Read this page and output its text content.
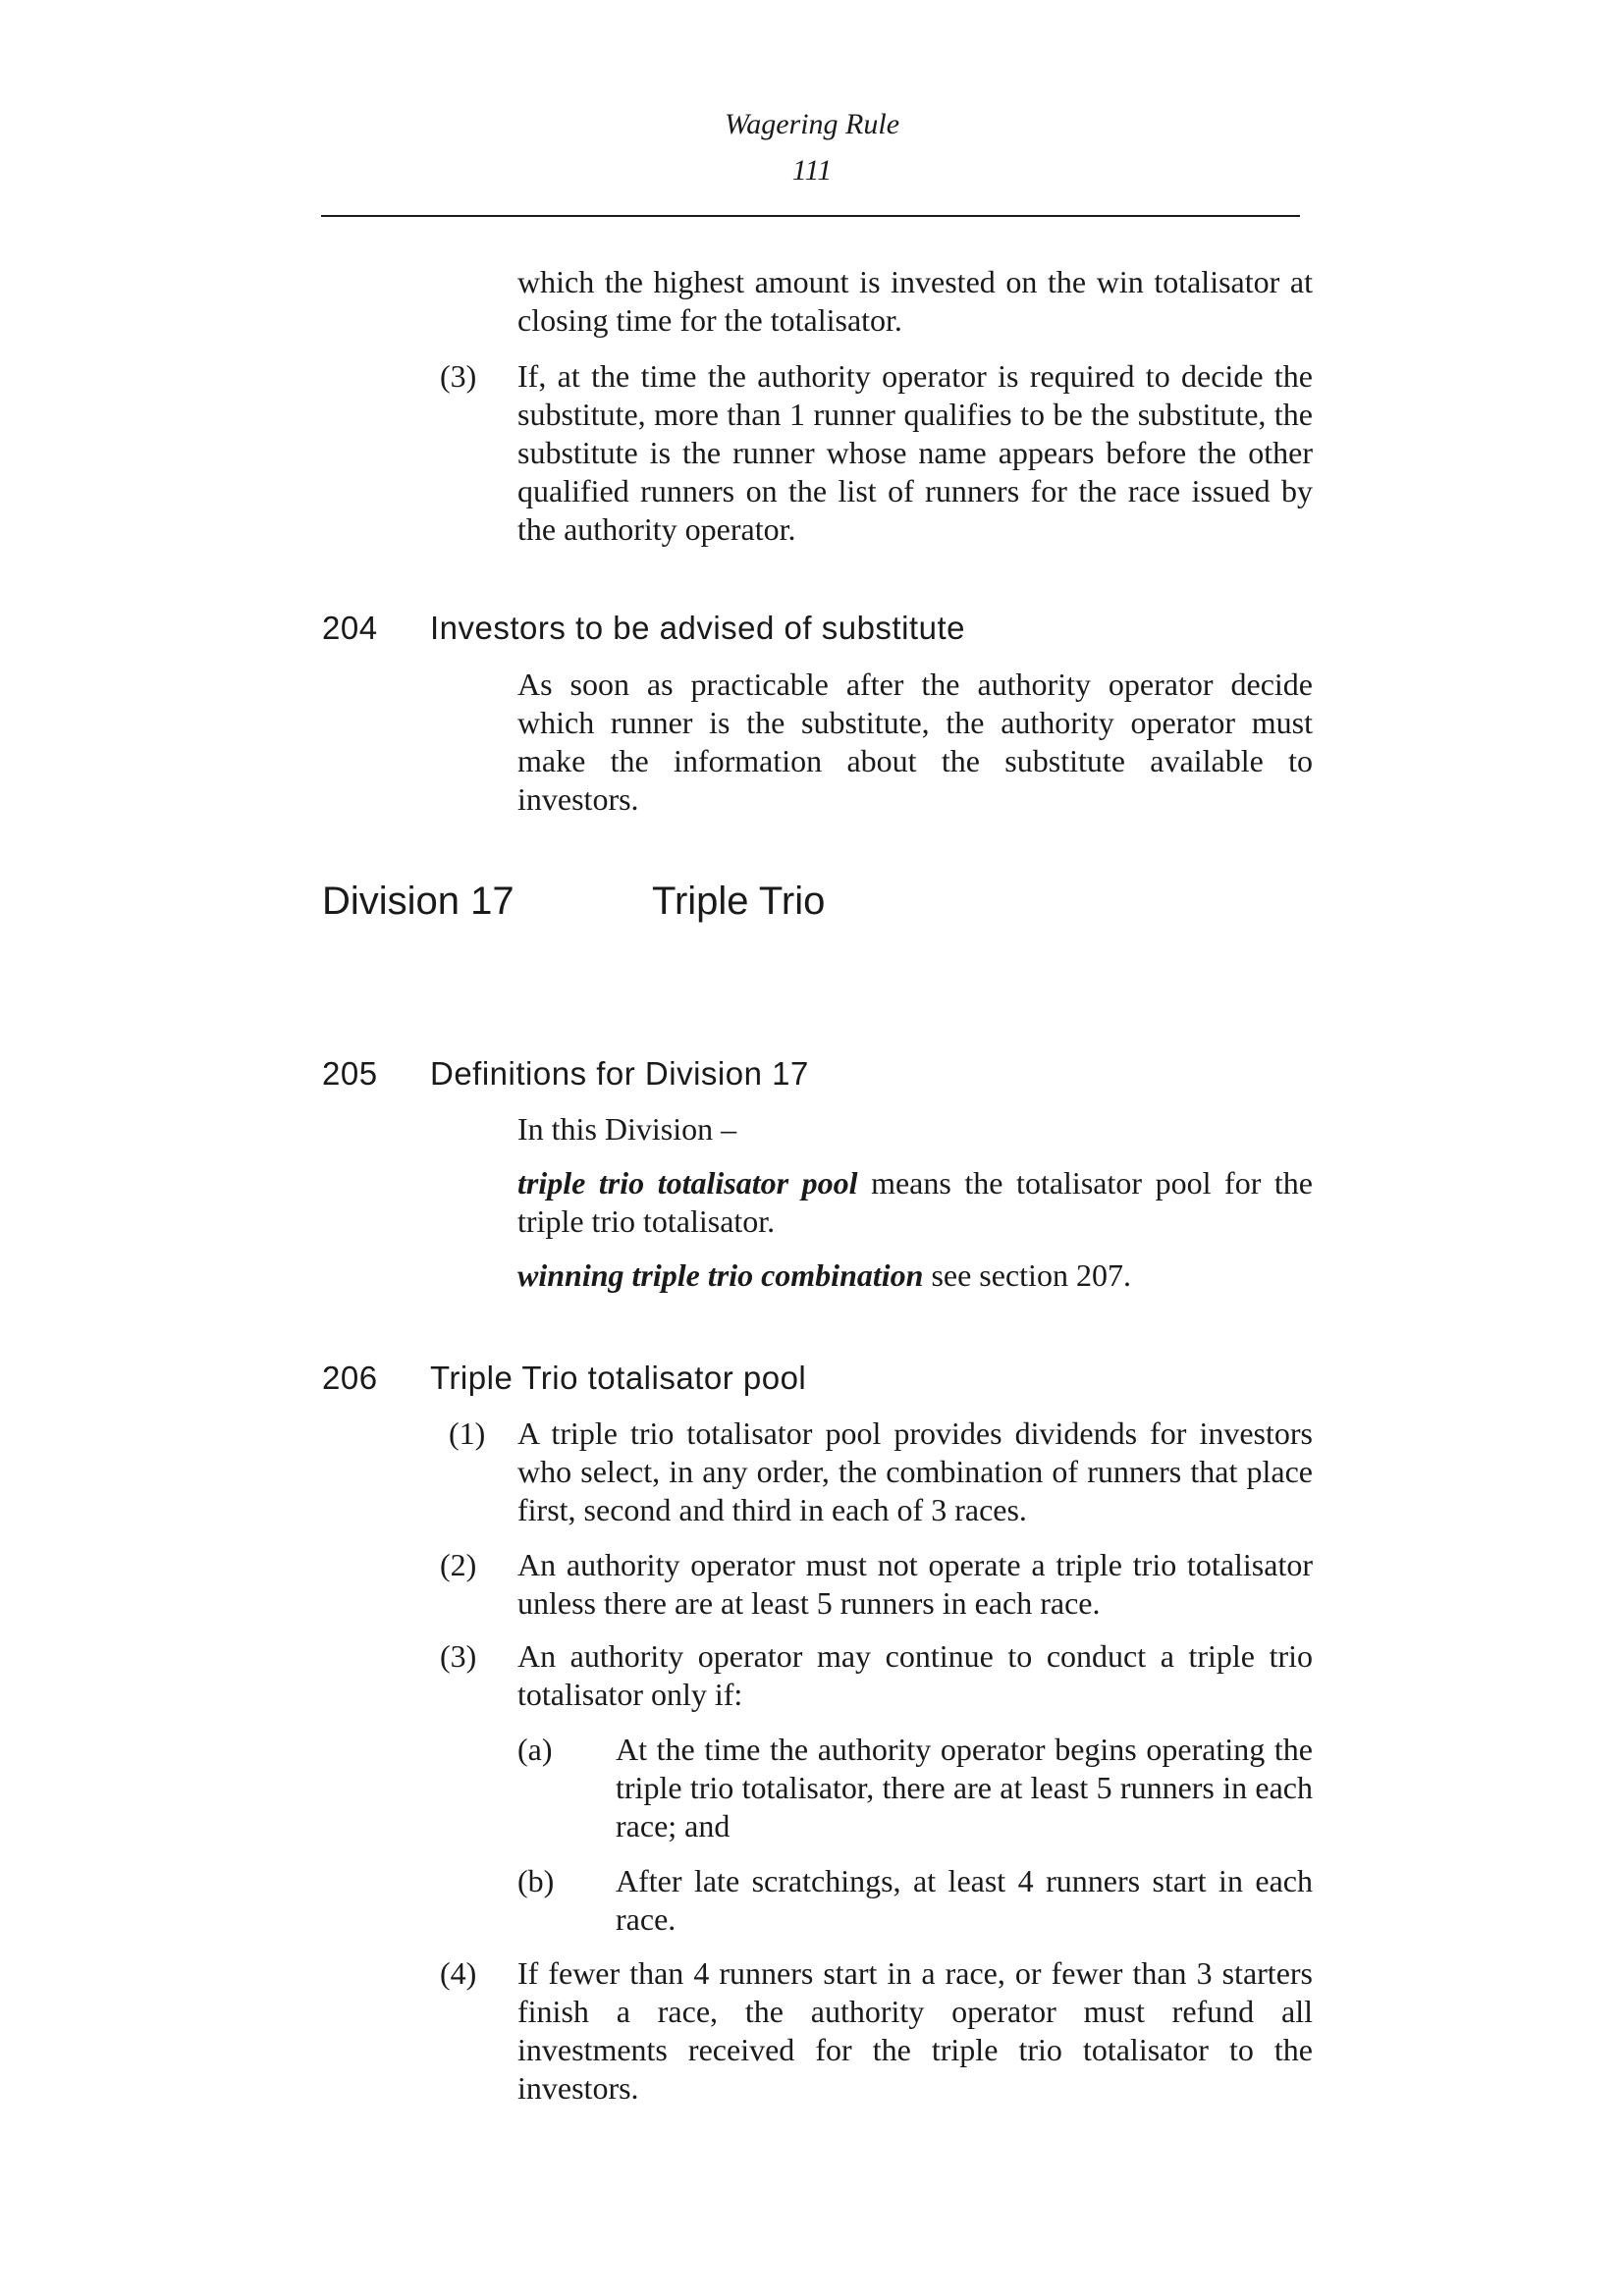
Wagering Rule
111

which the highest amount is invested on the win totalisator at closing time for the totalisator.

(3) If, at the time the authority operator is required to decide the substitute, more than 1 runner qualifies to be the substitute, the substitute is the runner whose name appears before the other qualified runners on the list of runners for the race issued by the authority operator.

204 Investors to be advised of substitute

As soon as practicable after the authority operator decide which runner is the substitute, the authority operator must make the information about the substitute available to investors.

Division 17	Triple Trio
205 Definitions for Division 17

In this Division –

triple trio totalisator pool means the totalisator pool for the triple trio totalisator.

winning triple trio combination see section 207.

206 Triple Trio totalisator pool
(1) A triple trio totalisator pool provides dividends for investors who select, in any order, the combination of runners that place first, second and third in each of 3 races.

(2) An authority operator must not operate a triple trio totalisator unless there are at least 5 runners in each race.

(3) An authority operator may continue to conduct a triple trio totalisator only if:

(a) At the time the authority operator begins operating the triple trio totalisator, there are at least 5 runners in each race; and

(b) After late scratchings, at least 4 runners start in each race.

(4) If fewer than 4 runners start in a race, or fewer than 3 starters finish a race, the authority operator must refund all investments received for the triple trio totalisator to the investors.
